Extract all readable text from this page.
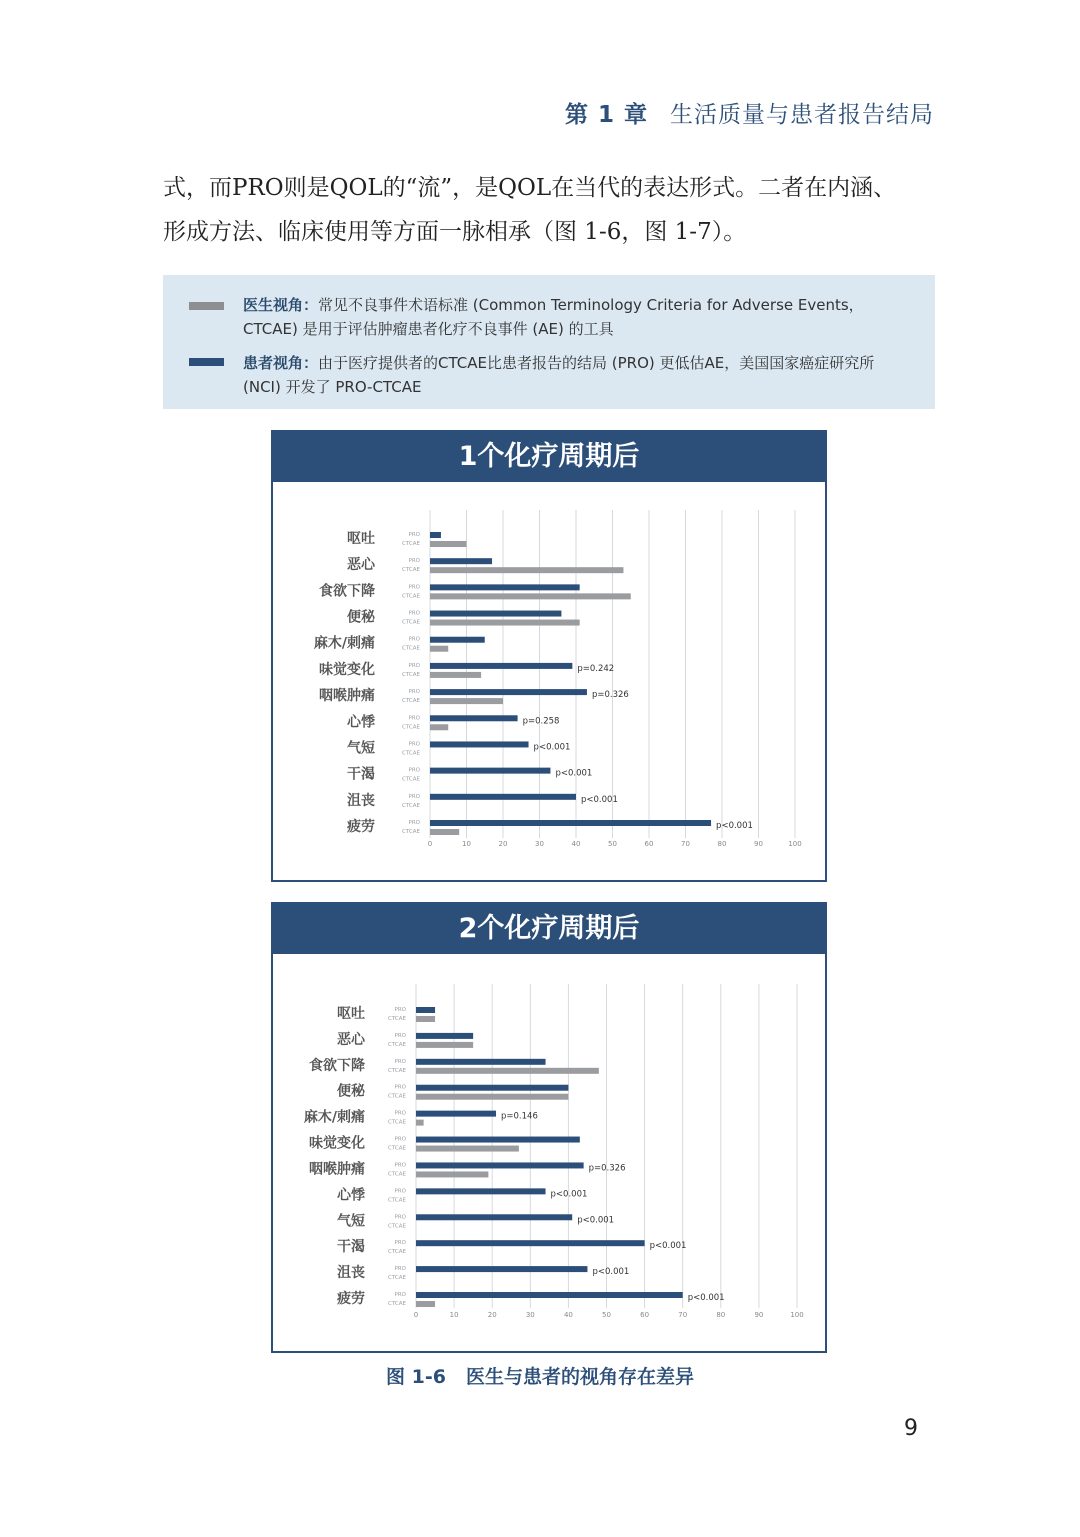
第 1 章 生活质量与患者报告结局

式，而PRO则是QOL的“流”，是QOL在当代的表达形式。二者在内涵、

形成方法、临床使用等方面一脉相承（图 1-6，图 1-7）。

医生视角：常见不良事件术语标准 (Common Terminology Criteria for Adverse Events，CTCAE) 是用于评估肿瘤患者化疗不良事件 (AE) 的工具
患者视角：由于医疗提供者的CTCAE比患者报告的结局 (PRO) 更低估AE，美国国家癌症研究所 (NCI) 开发了 PRO-CTCAE
1个化疗周期后
0	10	20	30	40	50	60	70	80	90	100
呕吐	PRO
CTCAE
恶心	PRO
CTCAE
食欲下降	PRO
CTCAE
便秘	PRO
CTCAE
麻木/刺痛	PRO
CTCAE
味觉变化	PRO
CTCAE
p=0.242
咽喉肿痛	PRO
CTCAE
p=0.326
心悸	PRO
CTCAE
p=0.258
气短	PRO
CTCAE
p<0.001
干渴	PRO
CTCAE
p<0.001
沮丧	PRO
CTCAE
p<0.001
疲劳	PRO
CTCAE
p<0.001
2个化疗周期后
0	10	20	30	40	50	60	70	80	90	100
呕吐	PRO
CTCAE
恶心	PRO
CTCAE
食欲下降	PRO
CTCAE
便秘	PRO
CTCAE
麻木/刺痛	PRO
CTCAE
p=0.146
味觉变化	PRO
CTCAE
咽喉肿痛	PRO
CTCAE
p=0.326
心悸	PRO
CTCAE
p<0.001
气短	PRO
CTCAE
p<0.001
干渴	PRO
CTCAE
p<0.001
沮丧	PRO
CTCAE
p<0.001
疲劳	PRO
CTCAE
p<0.001
图 1-6 医生与患者的视角存在差异
9
